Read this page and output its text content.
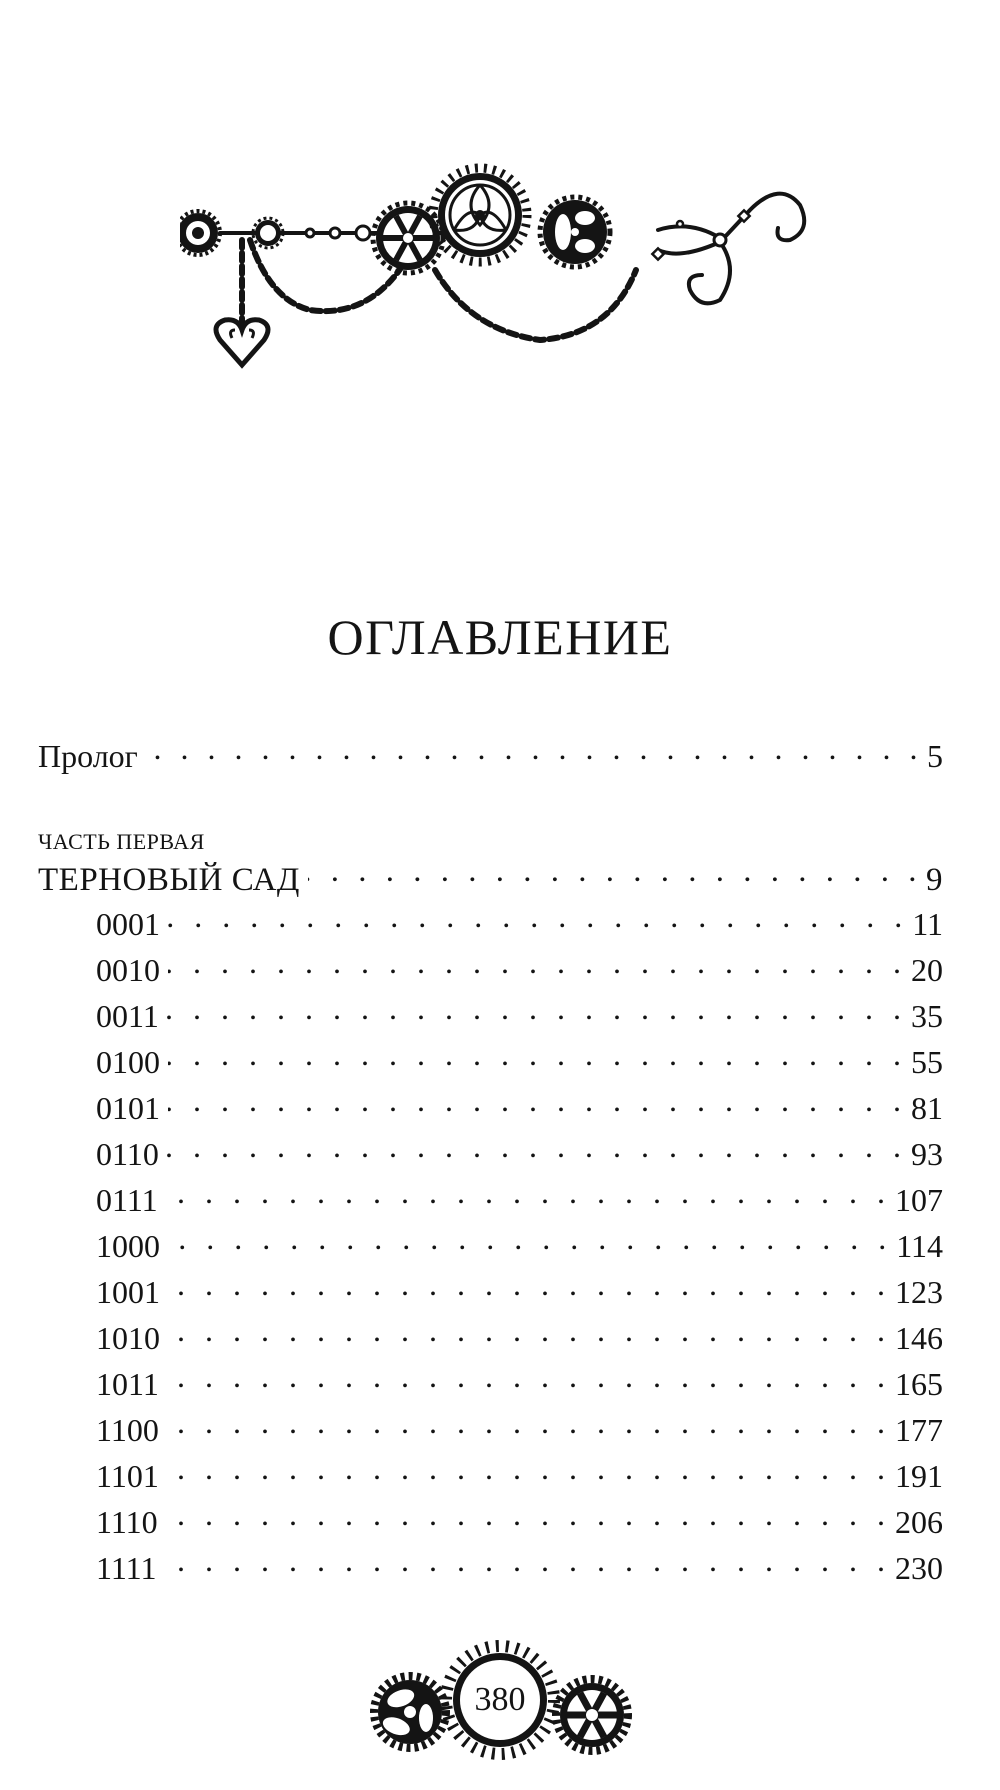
ОГЛАВЛЕНИЕ
Пролог . . .	5
ЧАСТЬ ПЕРВАЯ
ТЕРНОВЫЙ САД . . .	9
0001 . . .	11
0010 . . .	20
0011 . . .	35
0100 . . .	55
0101 . . .	81
0110 . . .	93
0111 . . .	107
1000 . . .	114
1001 . . .	123
1010 . . .	146
1011 . . .	165
1100 . . .	177
1101 . . .	191
1110 . . .	206
1111 . . .	230
380
